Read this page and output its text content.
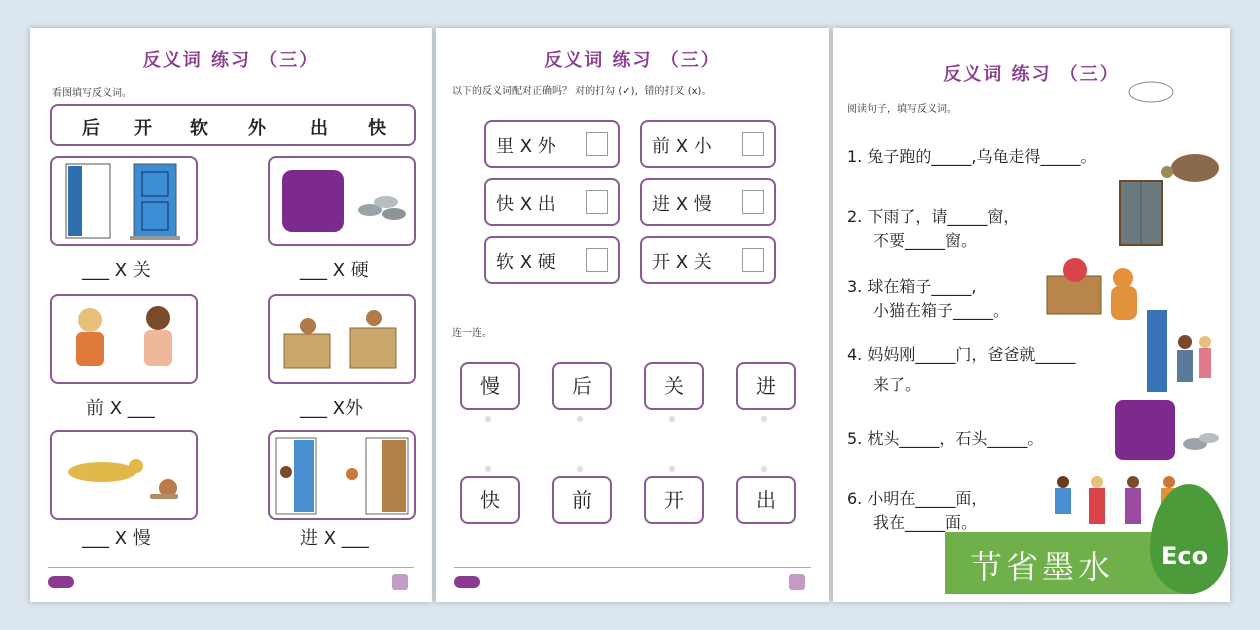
反义词 练习 （三）
看图填写反义词。
后 开 软 外 出 快
___ X 关	___ X 硬
前 X ___	___ X外
___ X 慢	进 X ___
反义词 练习 （三）
以下的反义词配对正确吗？ 对的打勾 (✓)，错的打叉 (x)。
里 X 外	前 X 小
快 X 出	进 X 慢
软 X 硬	开 X 关
连一连。
慢	后	关	进
快	前	开	出
反义词 练习 （三）
阅读句子，填写反义词。
1. 兔子跑的_____,乌龟走得_____。
2. 下雨了，请_____窗，
不要_____窗。
3. 球在箱子_____,
小猫在箱子_____。
4. 妈妈刚_____门，爸爸就_____
来了。
5. 枕头_____，石头_____。
6. 小明在_____面，
我在_____面。
节省墨水 Eco
